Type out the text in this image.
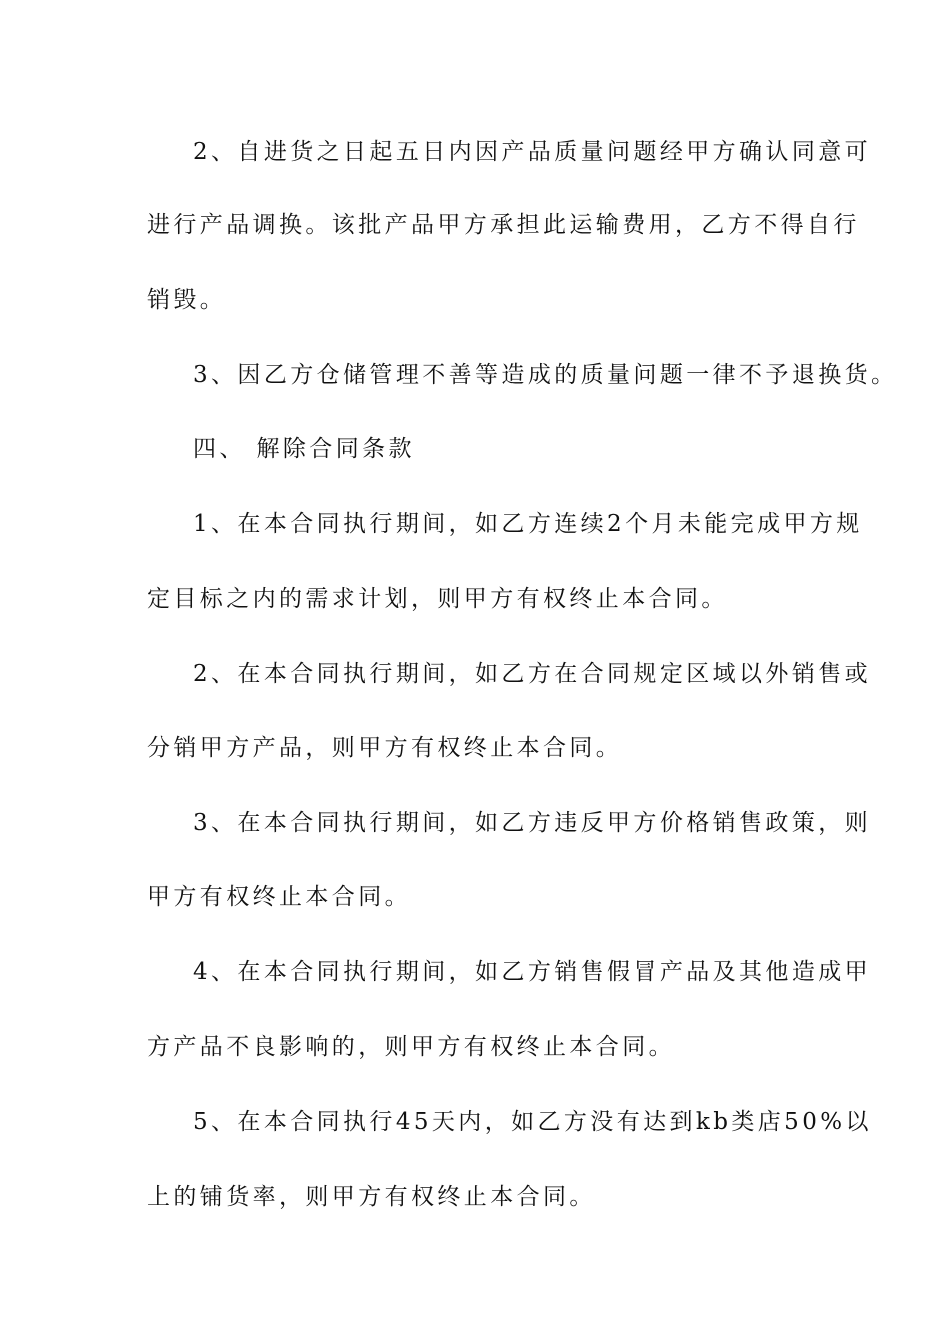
2、自进货之日起五日内因产品质量问题经甲方确认同意可
进行产品调换。该批产品甲方承担此运输费用，乙方不得自行
销毁。
3、因乙方仓储管理不善等造成的质量问题一律不予退换货。
四、 解除合同条款
1、在本合同执行期间，如乙方连续2个月未能完成甲方规
定目标之内的需求计划，则甲方有权终止本合同。
2、在本合同执行期间，如乙方在合同规定区域以外销售或
分销甲方产品，则甲方有权终止本合同。
3、在本合同执行期间，如乙方违反甲方价格销售政策，则
甲方有权终止本合同。
4、在本合同执行期间，如乙方销售假冒产品及其他造成甲
方产品不良影响的，则甲方有权终止本合同。
5、在本合同执行45天内，如乙方没有达到kb类店50%以
上的铺货率，则甲方有权终止本合同。
